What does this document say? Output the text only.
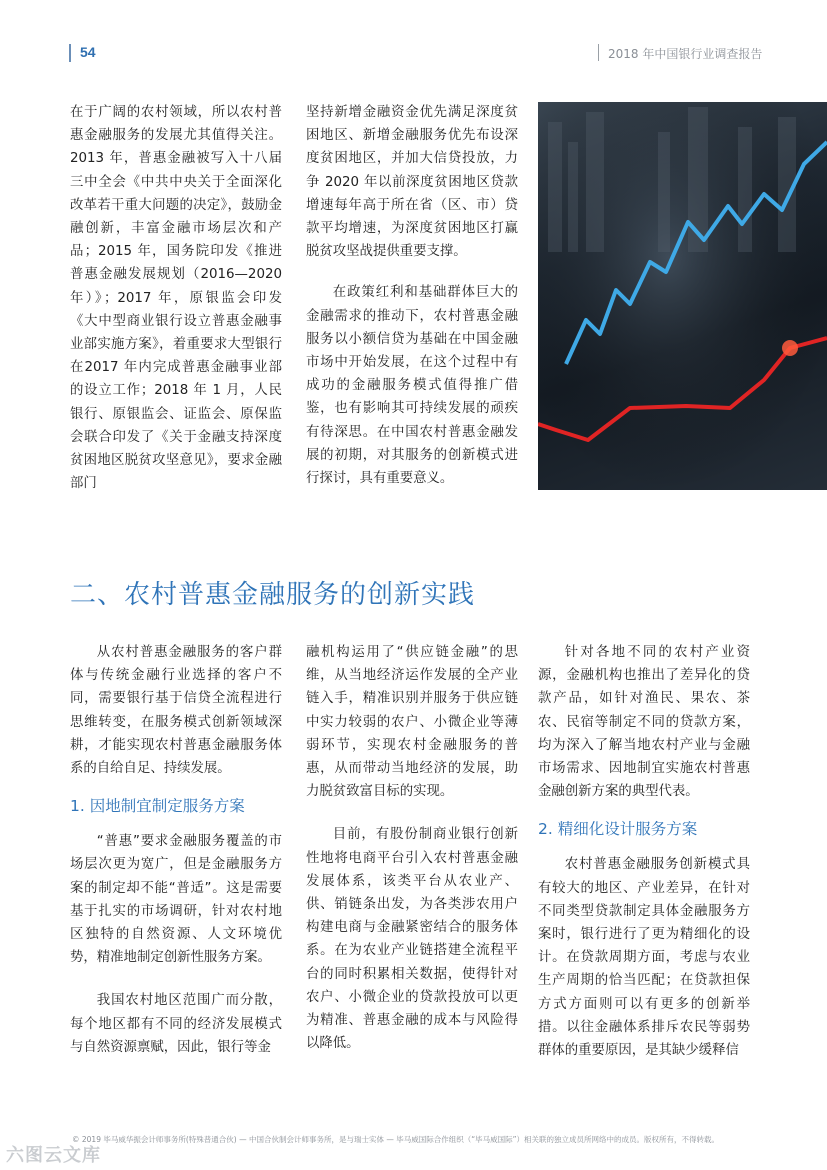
54	2018 年中国银行业调查报告

在于广阔的农村领域，所以农村普惠金融服务的发展尤其值得关注。2013 年，普惠金融被写入十八届三中全会《中共中央关于全面深化改革若干重大问题的决定》，鼓励金融创新，丰富金融市场层次和产品；2015 年，国务院印发《推进普惠金融发展规划（2016—2020年）》；2017 年，原银监会印发《大中型商业银行设立普惠金融事业部实施方案》，着重要求大型银行在2017 年内完成普惠金融事业部的设立工作；2018 年 1 月，人民银行、原银监会、证监会、原保监会联合印发了《关于金融支持深度贫困地区脱贫攻坚意见》，要求金融部门

坚持新增金融资金优先满足深度贫困地区、新增金融服务优先布设深度贫困地区，并加大信贷投放，力争 2020 年以前深度贫困地区贷款增速每年高于所在省（区、市）贷款平均增速，为深度贫困地区打赢脱贫攻坚战提供重要支撑。

在政策红利和基础群体巨大的金融需求的推动下，农村普惠金融服务以小额信贷为基础在中国金融市场中开始发展，在这个过程中有成功的金融服务模式值得推广借鉴，也有影响其可持续发展的顽疾有待深思。在中国农村普惠金融发展的初期，对其服务的创新模式进行探讨，具有重要意义。

二、农村普惠金融服务的创新实践

从农村普惠金融服务的客户群体与传统金融行业选择的客户不同，需要银行基于信贷全流程进行思维转变，在服务模式创新领域深耕，才能实现农村普惠金融服务体系的自给自足、持续发展。

1. 因地制宜制定服务方案

“普惠”要求金融服务覆盖的市场层次更为宽广，但是金融服务方案的制定却不能“普适”。这是需要基于扎实的市场调研，针对农村地区独特的自然资源、人文环境优势，精准地制定创新性服务方案。

我国农村地区范围广而分散，每个地区都有不同的经济发展模式与自然资源禀赋，因此，银行等金

融机构运用了“供应链金融”的思维，从当地经济运作发展的全产业链入手，精准识别并服务于供应链中实力较弱的农户、小微企业等薄弱环节，实现农村金融服务的普惠，从而带动当地经济的发展，助力脱贫致富目标的实现。

目前，有股份制商业银行创新性地将电商平台引入农村普惠金融发展体系，该类平台从农业产、供、销链条出发，为各类涉农用户构建电商与金融紧密结合的服务体系。在为农业产业链搭建全流程平台的同时积累相关数据，使得针对农户、小微企业的贷款投放可以更为精准、普惠金融的成本与风险得以降低。

针对各地不同的农村产业资源，金融机构也推出了差异化的贷款产品，如针对渔民、果农、茶农、民宿等制定不同的贷款方案，均为深入了解当地农村产业与金融市场需求、因地制宜实施农村普惠金融创新方案的典型代表。

2. 精细化设计服务方案

农村普惠金融服务创新模式具有较大的地区、产业差异，在针对不同类型贷款制定具体金融服务方案时，银行进行了更为精细化的设计。在贷款周期方面，考虑与农业生产周期的恰当匹配；在贷款担保方式方面则可以有更多的创新举措。以往金融体系排斥农民等弱势群体的重要原因，是其缺少缓释信

© 2019 毕马威华振会计师事务所(特殊普通合伙) — 中国合伙制会计师事务所，是与瑞士实体 — 毕马威国际合作组织（“毕马威国际”）相关联的独立成员所网络中的成员。版权所有，不得转载。
六图云文库
